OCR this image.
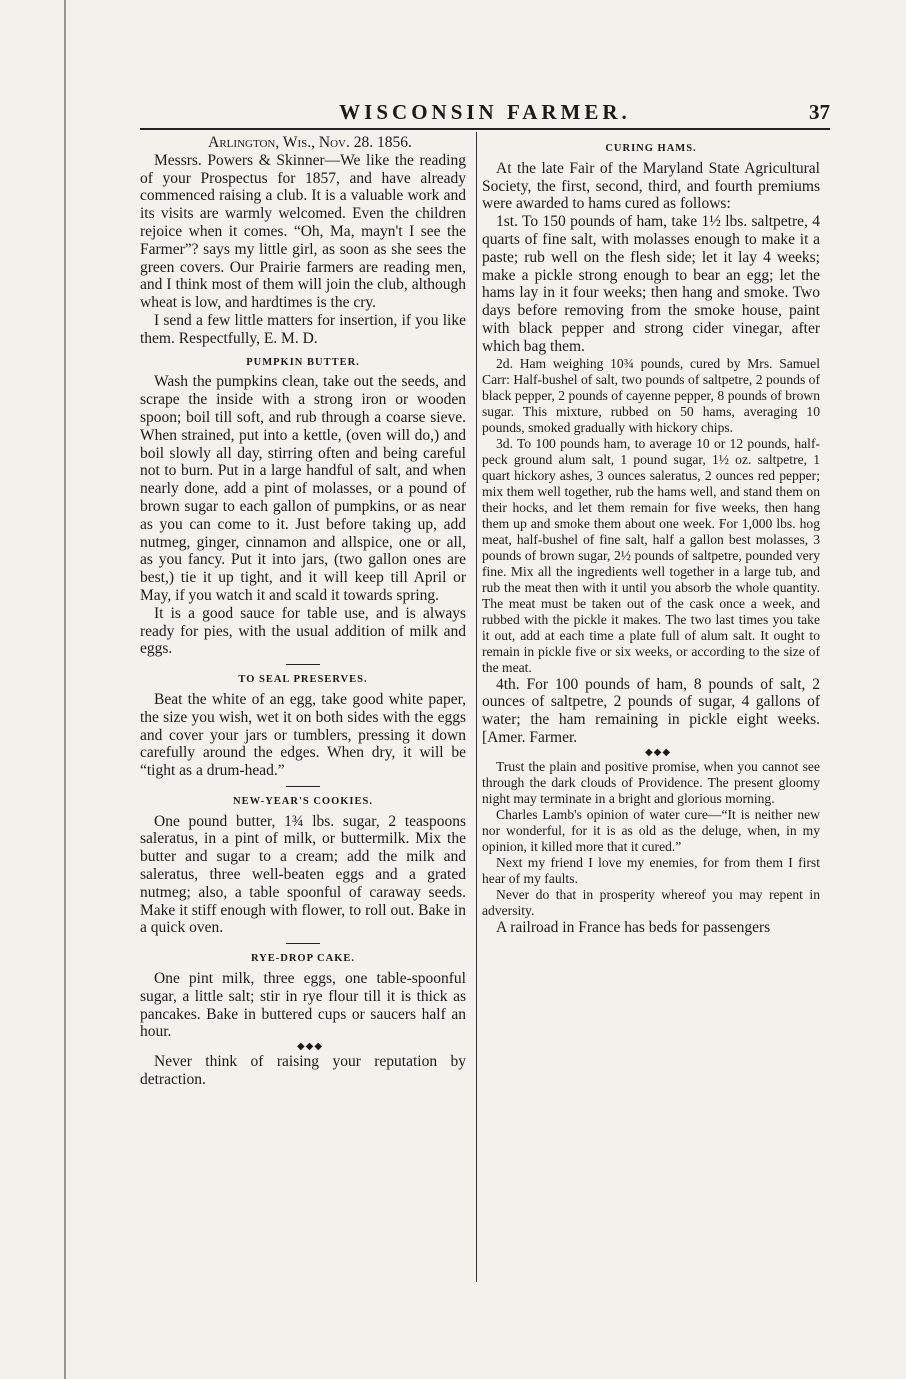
WISCONSIN FARMER.	37

Arlington, Wis., Nov. 28. 1856.

Messrs. Powers & Skinner—We like the reading of your Prospectus for 1857, and have already commenced raising a club. It is a valuable work and its visits are warmly welcomed. Even the children rejoice when it comes. “Oh, Ma, mayn't I see the Farmer”? says my little girl, as soon as she sees the green covers. Our Prairie farmers are reading men, and I think most of them will join the club, although wheat is low, and hardtimes is the cry.

I send a few little matters for insertion, if you like them. Respectfully, E. M. D.

PUMPKIN BUTTER.

Wash the pumpkins clean, take out the seeds, and scrape the inside with a strong iron or wooden spoon; boil till soft, and rub through a coarse sieve. When strained, put into a kettle, (oven will do,) and boil slowly all day, stirring often and being careful not to burn. Put in a large handful of salt, and when nearly done, add a pint of molasses, or a pound of brown sugar to each gallon of pumpkins, or as near as you can come to it. Just before taking up, add nutmeg, ginger, cinnamon and allspice, one or all, as you fancy. Put it into jars, (two gallon ones are best,) tie it up tight, and it will keep till April or May, if you watch it and scald it towards spring.

It is a good sauce for table use, and is always ready for pies, with the usual addition of milk and eggs.

TO SEAL PRESERVES.

Beat the white of an egg, take good white paper, the size you wish, wet it on both sides with the eggs and cover your jars or tumblers, pressing it down carefully around the edges. When dry, it will be “tight as a drum-head.”

NEW-YEAR'S COOKIES.

One pound butter, 1¾ lbs. sugar, 2 teaspoons saleratus, in a pint of milk, or buttermilk. Mix the butter and sugar to a cream; add the milk and saleratus, three well-beaten eggs and a grated nutmeg; also, a table spoonful of caraway seeds. Make it stiff enough with flower, to roll out. Bake in a quick oven.

RYE-DROP CAKE.

One pint milk, three eggs, one table-spoonful sugar, a little salt; stir in rye flour till it is thick as pancakes. Bake in buttered cups or saucers half an hour.

◆◆◆

Never think of raising your reputation by detraction.

CURING HAMS.

At the late Fair of the Maryland State Agricultural Society, the first, second, third, and fourth premiums were awarded to hams cured as follows:

1st. To 150 pounds of ham, take 1½ lbs. saltpetre, 4 quarts of fine salt, with molasses enough to make it a paste; rub well on the flesh side; let it lay 4 weeks; make a pickle strong enough to bear an egg; let the hams lay in it four weeks; then hang and smoke. Two days before removing from the smoke house, paint with black pepper and strong cider vinegar, after which bag them.

2d. Ham weighing 10¾ pounds, cured by Mrs. Samuel Carr: Half-bushel of salt, two pounds of saltpetre, 2 pounds of black pepper, 2 pounds of cayenne pepper, 8 pounds of brown sugar. This mixture, rubbed on 50 hams, averaging 10 pounds, smoked gradually with hickory chips.

3d. To 100 pounds ham, to average 10 or 12 pounds, half-peck ground alum salt, 1 pound sugar, 1½ oz. saltpetre, 1 quart hickory ashes, 3 ounces saleratus, 2 ounces red pepper; mix them well together, rub the hams well, and stand them on their hocks, and let them remain for five weeks, then hang them up and smoke them about one week. For 1,000 lbs. hog meat, half-bushel of fine salt, half a gallon best molasses, 3 pounds of brown sugar, 2½ pounds of saltpetre, pounded very fine. Mix all the ingredients well together in a large tub, and rub the meat then with it until you absorb the whole quantity. The meat must be taken out of the cask once a week, and rubbed with the pickle it makes. The two last times you take it out, add at each time a plate full of alum salt. It ought to remain in pickle five or six weeks, or according to the size of the meat.

4th. For 100 pounds of ham, 8 pounds of salt, 2 ounces of saltpetre, 2 pounds of sugar, 4 gallons of water; the ham remaining in pickle eight weeks. [Amer. Farmer.

◆◆◆

Trust the plain and positive promise, when you cannot see through the dark clouds of Providence. The present gloomy night may terminate in a bright and glorious morning.

Charles Lamb's opinion of water cure—“It is neither new nor wonderful, for it is as old as the deluge, when, in my opinion, it killed more that it cured.”

Next my friend I love my enemies, for from them I first hear of my faults.

Never do that in prosperity whereof you may repent in adversity.

A railroad in France has beds for passengers
